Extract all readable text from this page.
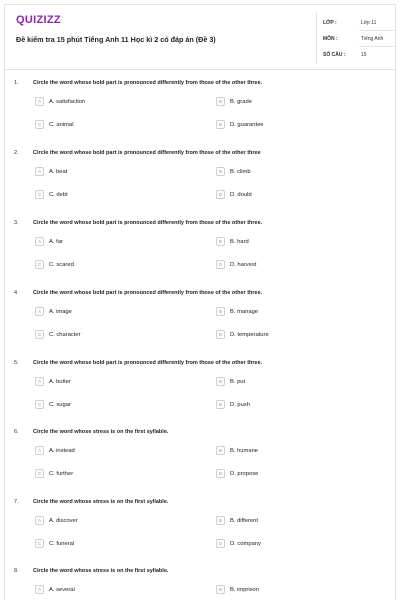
QUIZIZZ
Đề kiểm tra 15 phút Tiếng Anh 11 Học kì 2 có đáp án (Đề 3)
LỚP :	Lớp 11
MÔN :	Tiếng Anh
SỐ CÂU :	15
1.	Circle the word whose bold part is pronounced differently from those of the other three.
A	A. satisfaction	B	B. grade
C	C. animal	D	D. guarantee
2.	Circle the word whose bold part is pronounced differently from those of the other three
A	A. beat	B	B. climb
C	C. debt	D	D. doubt
3.	Circle the word whose bold part is pronounced differently from those of the other three.
A	A. far	B	B. hard
C	C. scared	D	D. harvest
4.	Circle the word whose bold part is pronounced differently from those of the other three.
A	A. image	B	B. manage
C	C. character	D	D. temperature
5.	Circle the word whose bold part is pronounced differently from those of the other three.
A	A. butter	B	B. put
C	C. sugar	D	D. push
6.	Circle the word whose stress is on the first syllable.
A	A. instead	B	B. humane
C	C. further	D	D. propose
7.	Circle the word whose stress is on the first syllable.
A	A. discover	B	B. different
C	C. funeral	D	D. company
8.	Circle the word whose stress is on the first syllable.
A	A. several	B	B. imprison
